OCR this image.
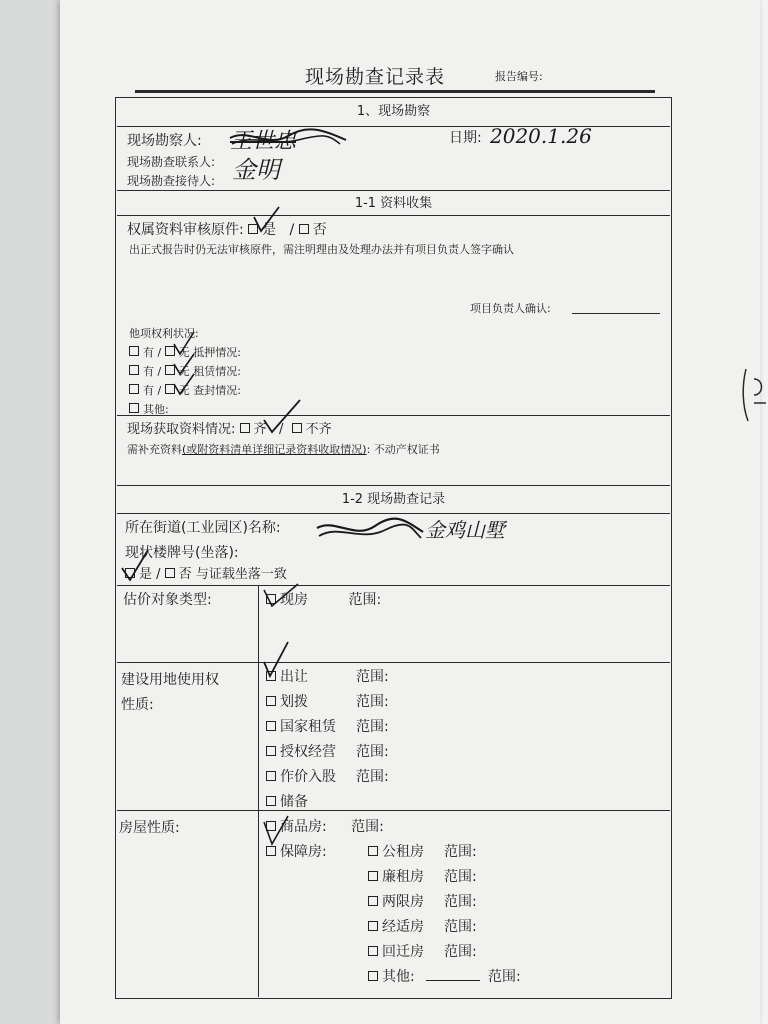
现场勘查记录表	报告编号:
1、现场勘察
现场勘察人: 王世忠	日期: 2020.1.26
现场勘查联系人:
现场勘查接待人: 金明
1-1 资料收集
权属资料审核原件: 是 / 否
出正式报告时仍无法审核原件，需注明理由及处理办法并有项目负责人签字确认
项目负责人确认:
他项权利状况:
有 / 无 抵押情况:
有 / 无 租赁情况:
有 / 无 查封情况:
其他:
现场获取资料情况: 齐   /  不齐
需补充资料(或附资料清单详细记录资料收取情况): 不动产权证书
1-2 现场勘查记录
所在街道(工业园区)名称:	金鸡山墅
现状楼牌号(坐落):
是 / 否 与证载坐落一致
估价对象类型:	现房	范围:
建设用地使用权
性质:
出让	范围:
划拨	范围:
国家租赁 范围:
授权经营 范围:
作价入股 范围:
储备
房屋性质:	商品房: 范围:
保障房:	公租房 范围:
廉租房 范围:
两限房 范围:
经适房 范围:
回迁房 范围:
其他:	范围:
